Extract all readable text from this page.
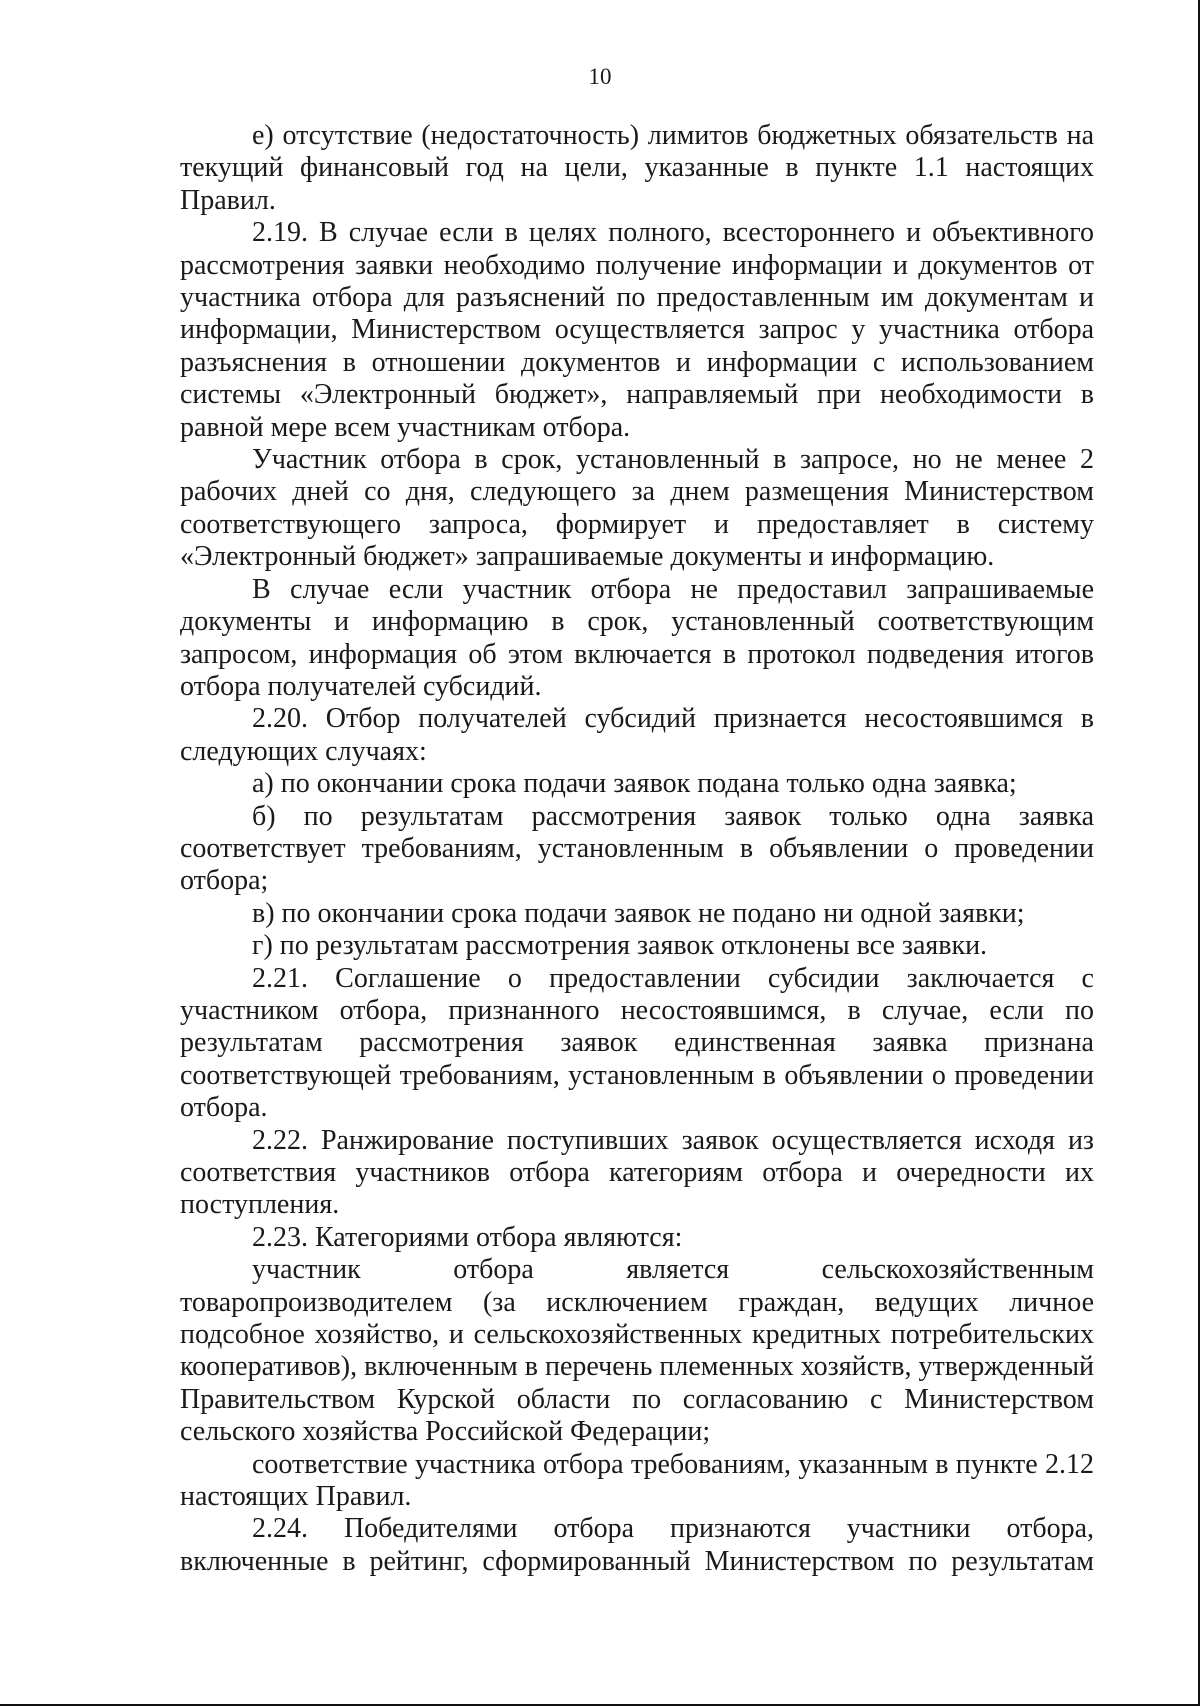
10

е) отсутствие (недостаточность) лимитов бюджетных обязательств на текущий финансовый год на цели, указанные в пункте 1.1 настоящих Правил.

2.19. В случае если в целях полного, всестороннего и объективного рассмотрения заявки необходимо получение информации и документов от участника отбора для разъяснений по предоставленным им документам и информации, Министерством осуществляется запрос у участника отбора разъяснения в отношении документов и информации с использованием системы «Электронный бюджет», направляемый при необходимости в равной мере всем участникам отбора.

Участник отбора в срок, установленный в запросе, но не менее 2 рабочих дней со дня, следующего за днем размещения Министерством соответствующего запроса, формирует и предоставляет в систему «Электронный бюджет» запрашиваемые документы и информацию.

В случае если участник отбора не предоставил запрашиваемые документы и информацию в срок, установленный соответствующим запросом, информация об этом включается в протокол подведения итогов отбора получателей субсидий.

2.20. Отбор получателей субсидий признается несостоявшимся в следующих случаях:

а) по окончании срока подачи заявок подана только одна заявка;

б) по результатам рассмотрения заявок только одна заявка соответствует требованиям, установленным в объявлении о проведении отбора;

в) по окончании срока подачи заявок не подано ни одной заявки;

г) по результатам рассмотрения заявок отклонены все заявки.

2.21. Соглашение о предоставлении субсидии заключается с участником отбора, признанного несостоявшимся, в случае, если по результатам рассмотрения заявок единственная заявка признана соответствующей требованиям, установленным в объявлении о проведении отбора.

2.22. Ранжирование поступивших заявок осуществляется исходя из соответствия участников отбора категориям отбора и очередности их поступления.

2.23. Категориями отбора являются:

участник отбора является сельскохозяйственным товаропроизводителем (за исключением граждан, ведущих личное подсобное хозяйство, и сельскохозяйственных кредитных потребительских кооперативов), включенным в перечень племенных хозяйств, утвержденный Правительством Курской области по согласованию с Министерством сельского хозяйства Российской Федерации;

соответствие участника отбора требованиям, указанным в пункте 2.12 настоящих Правил.

2.24. Победителями отбора признаются участники отбора, включенные в рейтинг, сформированный Министерством по результатам
